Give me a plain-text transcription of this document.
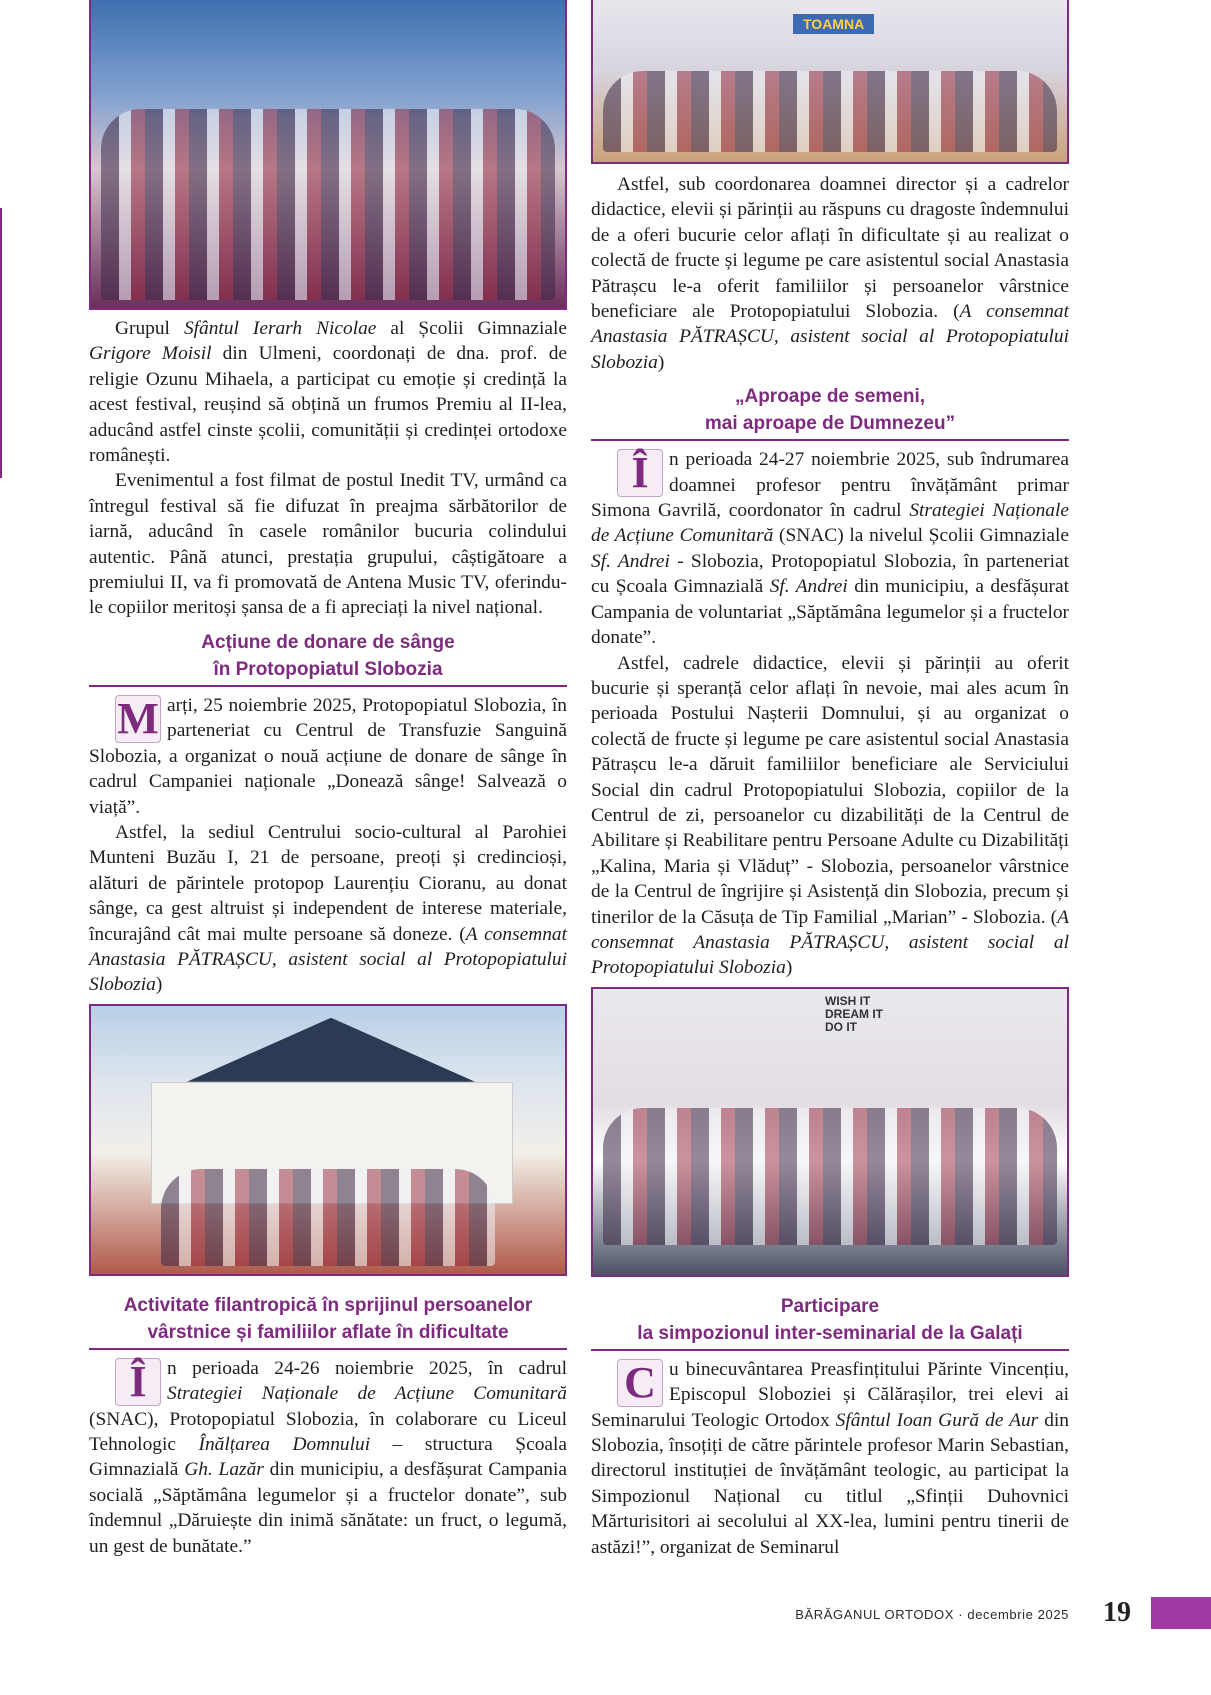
Grupul Sfântul Ierarh Nicolae al Școlii Gimnaziale Grigore Moisil din Ulmeni, coordonați de dna. prof. de religie Ozunu Mihaela, a participat cu emoție și credință la acest festival, reușind să obțină un frumos Premiu al II-lea, aducând astfel cinste școlii, comunității și credinței ortodoxe românești.

Evenimentul a fost filmat de postul Inedit TV, urmând ca întregul festival să fie difuzat în preajma sărbătorilor de iarnă, aducând în casele românilor bucuria colindului autentic. Până atunci, prestația grupului, câștigătoare a premiului II, va fi promovată de Antena Music TV, oferindu-le copiilor meritoși șansa de a fi apreciați la nivel național.

Acțiune de donare de sânge
în Protopopiatul Slobozia

M arți, 25 noiembrie 2025, Protopopiatul Slobozia, în parteneriat cu Centrul de Transfuzie Sanguină Slobozia, a organizat o nouă acțiune de donare de sânge în cadrul Campaniei naționale „Donează sânge! Salvează o viață”.

Astfel, la sediul Centrului socio-cultural al Parohiei Munteni Buzău I, 21 de persoane, preoți și credincioși, alături de părintele protopop Laurențiu Cioranu, au donat sânge, ca gest altruist și independent de interese materiale, încurajând cât mai multe persoane să doneze. (A consemnat Anastasia PĂTRAȘCU, asistent social al Protopopiatului Slobozia)

Activitate filantropică în sprijinul persoanelor
vârstnice și familiilor aflate în dificultate

Î	n perioada 24-26 noiembrie 2025, în cadrul Strategiei Naționale de Acțiune Comunitară (SNAC), Protopopiatul Slobozia, în colaborare cu Liceul Tehnologic Înălțarea Domnului – structura Școala Gimnazială Gh. Lazăr din municipiu, a desfășurat Campania socială „Săptămâna legumelor și a fructelor donate”, sub îndemnul „Dăruiește din inimă sănătate: un fruct, o legumă, un gest de bunătate.”

TOAMNA

Astfel, sub coordonarea doamnei director și a cadrelor didactice, elevii și părinții au răspuns cu dragoste îndemnului de a oferi bucurie celor aflați în dificultate și au realizat o colectă de fructe și legume pe care asistentul social Anastasia Pătrașcu le-a oferit familiilor și persoanelor vârstnice beneficiare ale Protopopiatului Slobozia. (A consemnat Anastasia PĂTRAȘCU, asistent social al Protopopiatului Slobozia)

„Aproape de semeni,
mai aproape de Dumnezeu”

Î	n perioada 24-27 noiembrie 2025, sub îndrumarea doamnei profesor pentru învățământ primar Simona Gavrilă, coordonator în cadrul Strategiei Naționale de Acțiune Comunitară (SNAC) la nivelul Școlii Gimnaziale Sf. Andrei - Slobozia, Protopopiatul Slobozia, în parteneriat cu Școala Gimnazială Sf. Andrei din municipiu, a desfășurat Campania de voluntariat „Săptămâna legumelor și a fructelor donate”.

Astfel, cadrele didactice, elevii și părinții au oferit bucurie și speranță celor aflați în nevoie, mai ales acum în perioada Postului Nașterii Domnului, și au organizat o colectă de fructe și legume pe care asistentul social Anastasia Pătrașcu le-a dăruit familiilor beneficiare ale Serviciului Social din cadrul Protopopiatului Slobozia, copiilor de la Centrul de zi, persoanelor cu dizabilități de la Centrul de Abilitare și Reabilitare pentru Persoane Adulte cu Dizabilități „Kalina, Maria și Vlăduț” - Slobozia, persoanelor vârstnice de la Centrul de îngrijire și Asistență din Slobozia, precum și tinerilor de la Căsuța de Tip Familial „Marian” - Slobozia. (A consemnat Anastasia PĂTRAȘCU, asistent social al Protopopiatului Slobozia)

WISH IT
DREAM IT
DO IT
Participare
la simpozionul inter-seminarial de la Galați

C u binecuvântarea Preasfințitului Părinte Vincențiu, Episcopul Sloboziei și Călărașilor, trei elevi ai Seminarului Teologic Ortodox Sfântul Ioan Gură de Aur din Slobozia, însoțiți de către părintele profesor Marin Sebastian, directorul instituției de învățământ teologic, au participat la Simpozionul Național cu titlul „Sfinții Duhovnici Mărturisitori ai secolului al XX-lea, lumini pentru tinerii de astăzi!”, organizat de Seminarul

BĂRĂGANUL ORTODOX · decembrie 2025 19
